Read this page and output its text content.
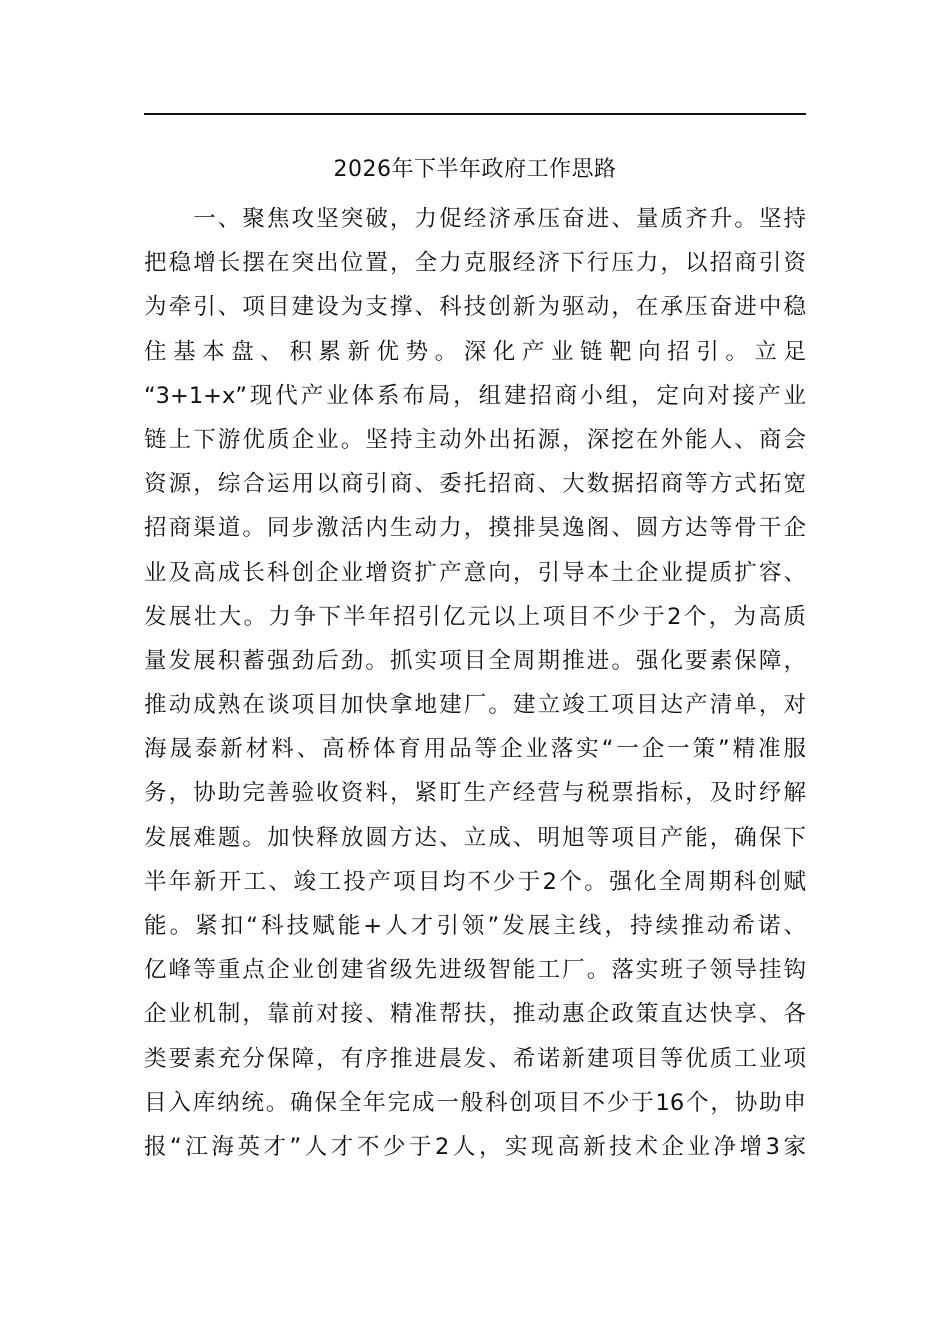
2026年下半年政府工作思路
　　一、聚焦攻坚突破，力促经济承压奋进、量质齐升。坚持
把稳增长摆在突出位置，全力克服经济下行压力，以招商引资
为牵引、项目建设为支撑、科技创新为驱动，在承压奋进中稳
住基本盘、积累新优势。深化产业链靶向招引。立足
“3+1+x”现代产业体系布局，组建招商小组，定向对接产业
链上下游优质企业。坚持主动外出拓源，深挖在外能人、商会
资源，综合运用以商引商、委托招商、大数据招商等方式拓宽
招商渠道。同步激活内生动力，摸排昊逸阁、圆方达等骨干企
业及高成长科创企业增资扩产意向，引导本土企业提质扩容、
发展壮大。力争下半年招引亿元以上项目不少于2个，为高质
量发展积蓄强劲后劲。抓实项目全周期推进。强化要素保障，
推动成熟在谈项目加快拿地建厂。建立竣工项目达产清单，对
海晟泰新材料、高桥体育用品等企业落实“一企一策”精准服
务，协助完善验收资料，紧盯生产经营与税票指标，及时纾解
发展难题。加快释放圆方达、立成、明旭等项目产能，确保下
半年新开工、竣工投产项目均不少于2个。强化全周期科创赋
能。紧扣“科技赋能+人才引领”发展主线，持续推动希诺、
亿峰等重点企业创建省级先进级智能工厂。落实班子领导挂钩
企业机制，靠前对接、精准帮扶，推动惠企政策直达快享、各
类要素充分保障，有序推进晨发、希诺新建项目等优质工业项
目入库纳统。确保全年完成一般科创项目不少于16个，协助申
报“江海英才”人才不少于2人，实现高新技术企业净增3家
